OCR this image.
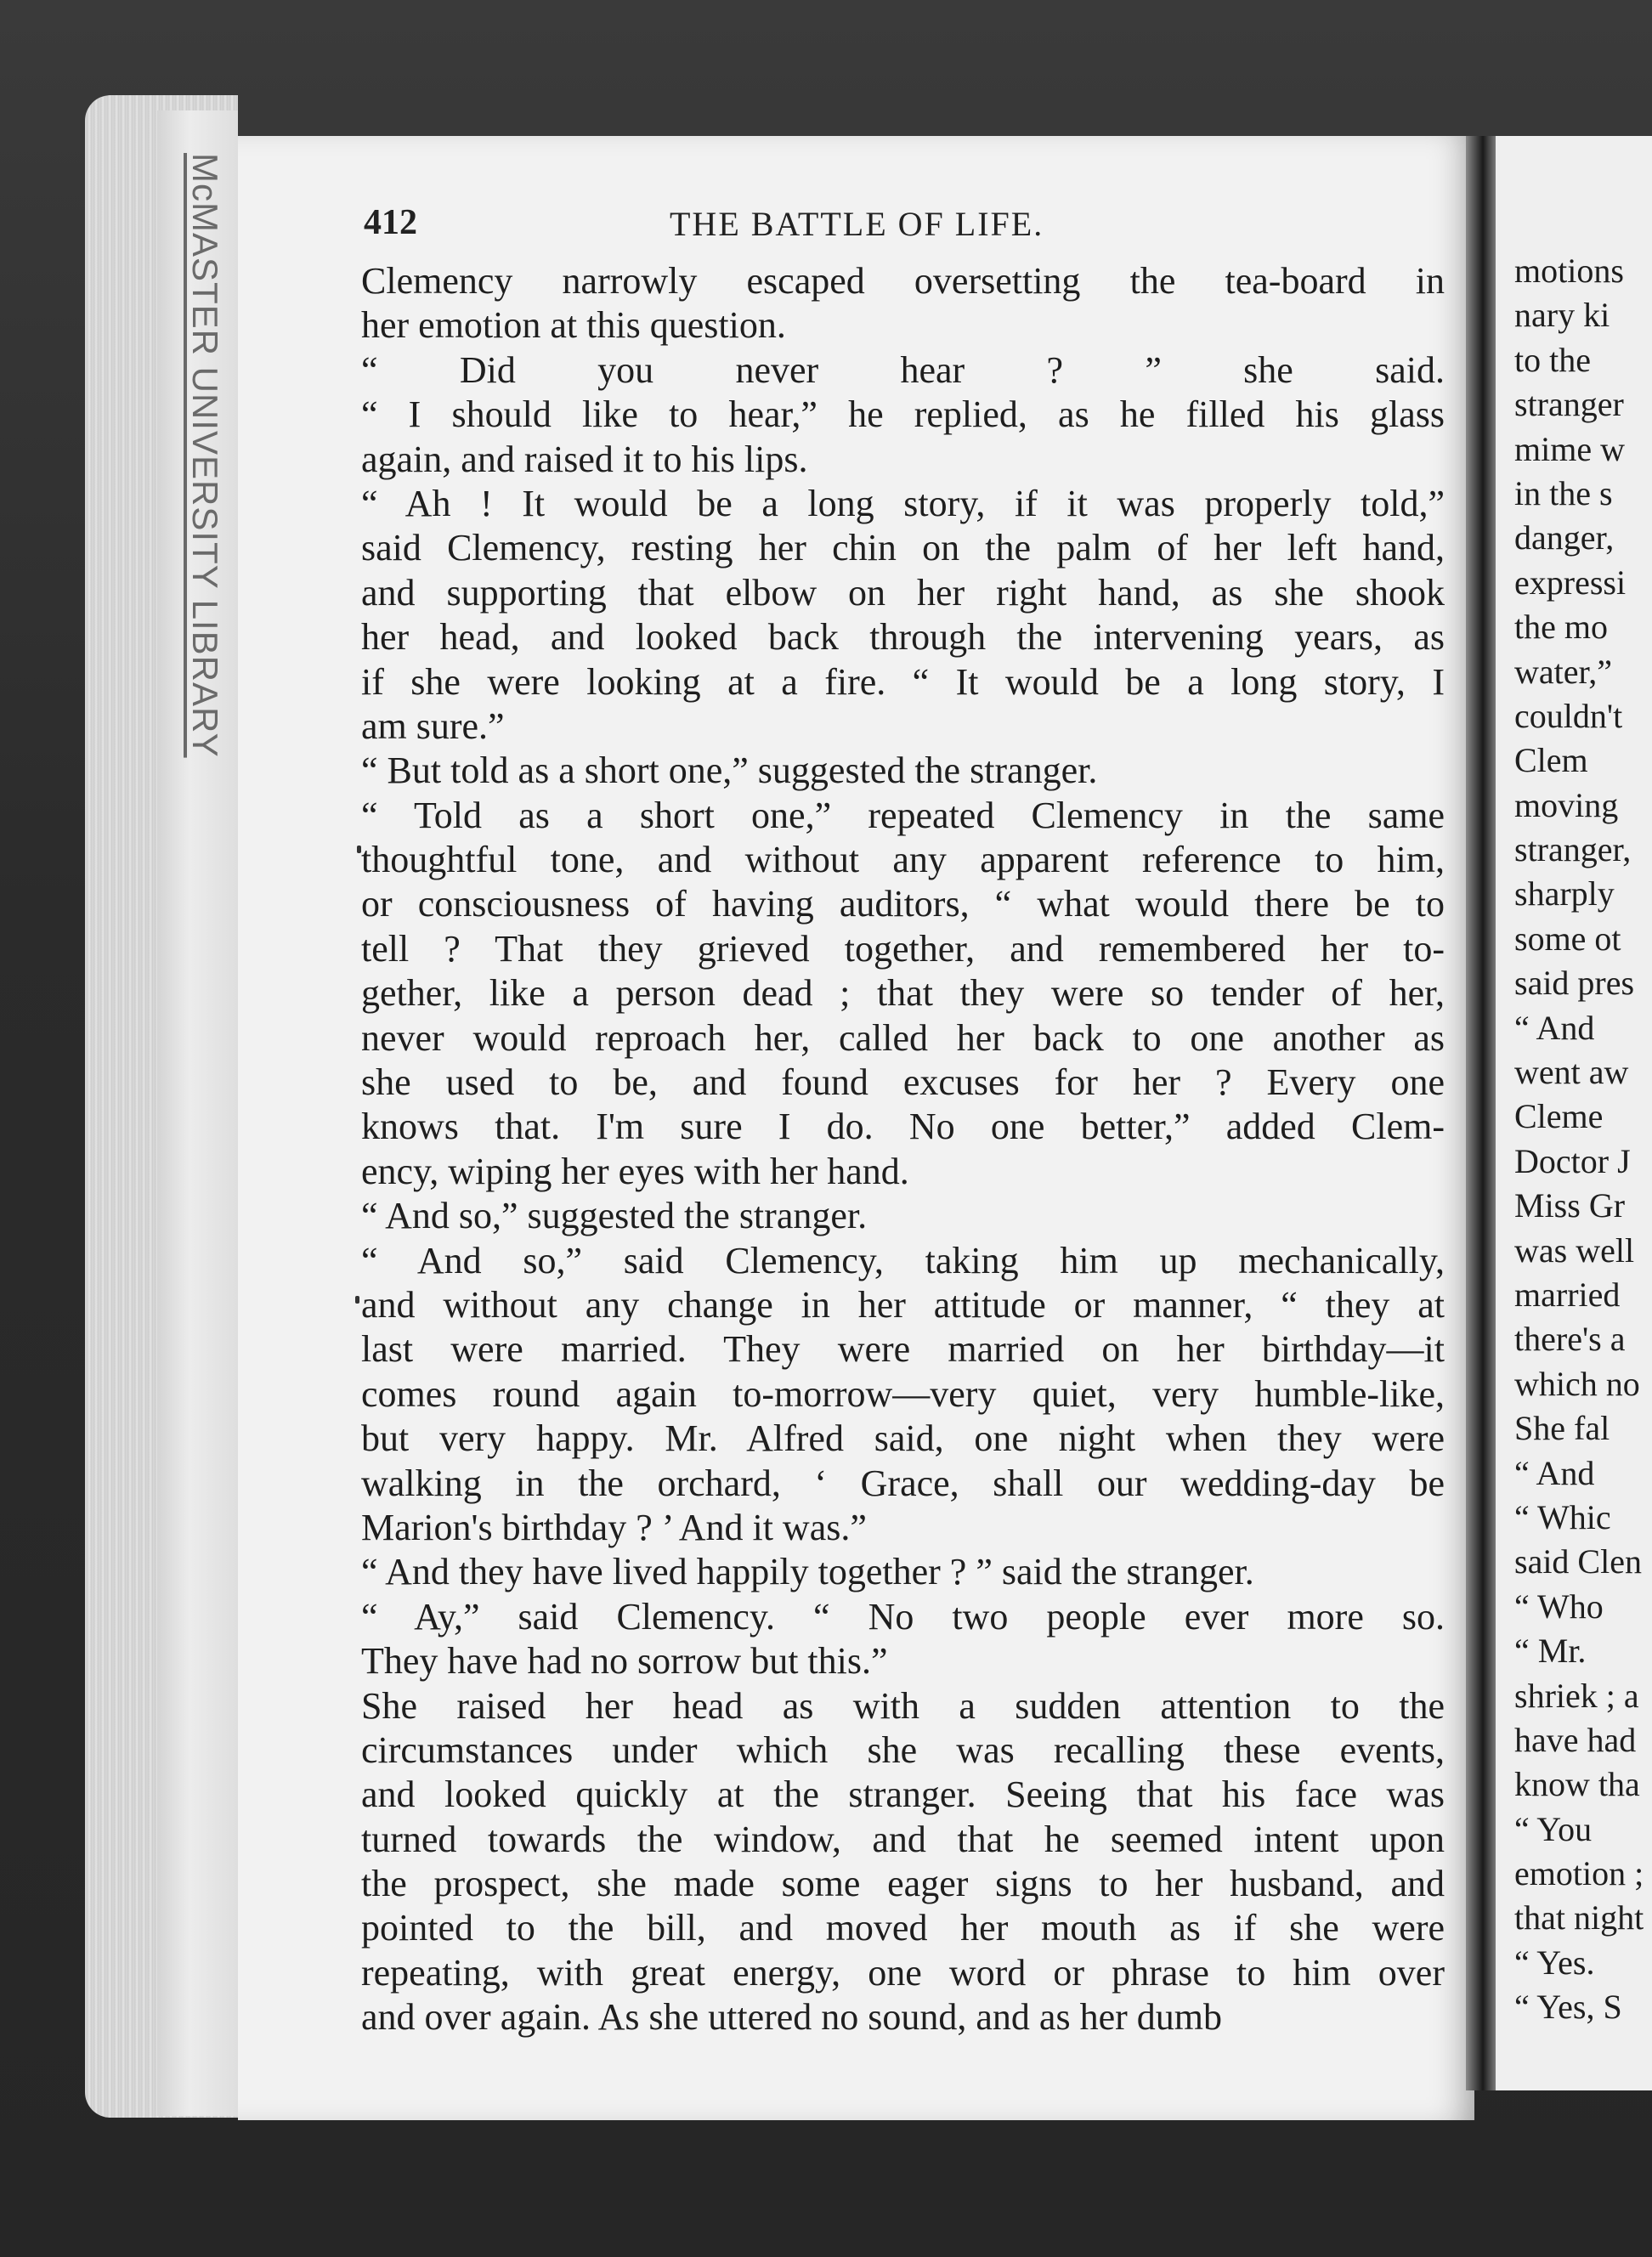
McMASTER UNIVERSITY LIBRARY	412	THE BATTLE OF LIFE.
Clemency narrowly escaped oversetting the tea-board in
her emotion at this question.
“ Did you never hear ? ” she said.
“ I should like to hear,” he replied, as he filled his glass
again, and raised it to his lips.
“ Ah ! It would be a long story, if it was properly told,”
said Clemency, resting her chin on the palm of her left hand,
and supporting that elbow on her right hand, as she shook
her head, and looked back through the intervening years, as
if she were looking at a fire. “ It would be a long story, I
am sure.”
“ But told as a short one,” suggested the stranger.
“ Told as a short one,” repeated Clemency in the same
thoughtful tone, and without any apparent reference to him,
or consciousness of having auditors, “ what would there be to
tell ? That they grieved together, and remembered her to-
gether, like a person dead ; that they were so tender of her,
never would reproach her, called her back to one another as
she used to be, and found excuses for her ? Every one
knows that. I'm sure I do. No one better,” added Clem-
ency, wiping her eyes with her hand.
“ And so,” suggested the stranger.
“ And so,” said Clemency, taking him up mechanically,
and without any change in her attitude or manner, “ they at
last were married. They were married on her birthday—it
comes round again to-morrow—very quiet, very humble-like,
but very happy. Mr. Alfred said, one night when they were
walking in the orchard, ‘ Grace, shall our wedding-day be
Marion's birthday ? ’ And it was.”
“ And they have lived happily together ? ” said the stranger.
“ Ay,” said Clemency. “ No two people ever more so.
They have had no sorrow but this.”
She raised her head as with a sudden attention to the
circumstances under which she was recalling these events,
and looked quickly at the stranger. Seeing that his face was
turned towards the window, and that he seemed intent upon
the prospect, she made some eager signs to her husband, and
pointed to the bill, and moved her mouth as if she were
repeating, with great energy, one word or phrase to him over
and over again. As she uttered no sound, and as her dumb
motions
nary ki
to the
stranger
mime w
in the s
danger,
expressi
the mo
water,”
couldn't
Clem
moving
stranger,
sharply
some ot
said pres
“ And
went aw
Cleme
Doctor J
Miss Gr
was well
married
there's a
which no
She fal
“ And
“ Whic
said Clen
“ Who
“ Mr.
shriek ; a
have had
know tha
“ You
emotion ;
that night
“ Yes.
“ Yes, S
